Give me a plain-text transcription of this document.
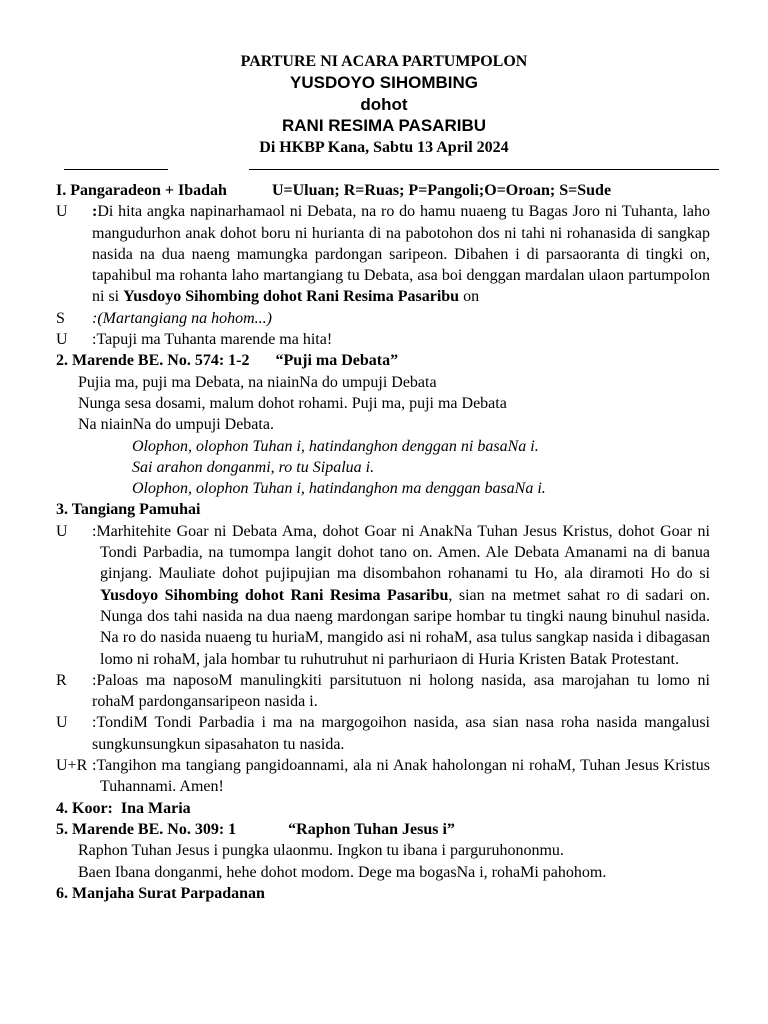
PARTURE NI ACARA PARTUMPOLON
YUSDOYO SIHOMBING
dohot
RANI RESIMA PASARIBU
Di HKBP Kana, Sabtu 13 April 2024
I. Pangaradeon + Ibadah	U=Uluan; R=Ruas; P=Pangoli;O=Oroan; S=Sude
U	:Di hita angka napinarhamaol ni Debata, na ro do hamu nuaeng tu Bagas Joro ni Tuhanta, laho mangudurhon anak dohot boru ni hurianta di na pabotohon dos ni tahi ni rohanasida di sangkap nasida na dua naeng mamungka pardongan saripeon. Dibahen i di parsaoranta di tingki on, tapahibul ma rohanta laho martangiang tu Debata, asa boi denggan mardalan ulaon partumpolon ni si Yusdoyo Sihombing dohot Rani Resima Pasaribu on
S	:(Martangiang na hohom...)
U	:Tapuji ma Tuhanta marende ma hita!
2. Marende BE. No. 574: 1-2 “Puji ma Debata”
Pujia ma, puji ma Debata, na niainNa do umpuji Debata
Nunga sesa dosami, malum dohot rohami. Puji ma, puji ma Debata
Na niainNa do umpuji Debata.
Olophon, olophon Tuhan i, hatindanghon denggan ni basaNa i.
Sai arahon donganmi, ro tu Sipalua i.
Olophon, olophon Tuhan i, hatindanghon ma denggan basaNa i.
3. Tangiang Pamuhai
U	:Marhitehite Goar ni Debata Ama, dohot Goar ni AnakNa Tuhan Jesus Kristus, dohot Goar ni Tondi Parbadia, na tumompa langit dohot tano on. Amen. Ale Debata Amanami na di banua ginjang. Mauliate dohot pujipujian ma disombahon rohanami tu Ho, ala diramoti Ho do si Yusdoyo Sihombing dohot Rani Resima Pasaribu, sian na metmet sahat ro di sadari on. Nunga dos tahi nasida na dua naeng mardongan saripe hombar tu tingki naung binuhul nasida. Na ro do nasida nuaeng tu huriaM, mangido asi ni rohaM, asa tulus sangkap nasida i dibagasan lomo ni rohaM, jala hombar tu ruhutruhut ni parhuriaon di Huria Kristen Batak Protestant.
R	:Paloas ma naposoM manulingkiti parsitutuon ni holong nasida, asa marojahan tu lomo ni rohaM pardongansaripeon nasida i.
U	:TondiM Tondi Parbadia i ma na margogoihon nasida, asa sian nasa roha nasida mangalusi sungkunsungkun sipasahaton tu nasida.
U+R :Tangihon ma tangiang pangidoannami, ala ni Anak haholongan ni rohaM, Tuhan Jesus Kristus Tuhannami. Amen!
4. Koor:  Ina Maria
5. Marende BE. No. 309: 1	“Raphon Tuhan Jesus i”
Raphon Tuhan Jesus i pungka ulaonmu. Ingkon tu ibana i parguruhononmu.
Baen Ibana donganmi, hehe dohot modom. Dege ma bogasNa i, rohaMi pahohom.
6. Manjaha Surat Parpadanan
